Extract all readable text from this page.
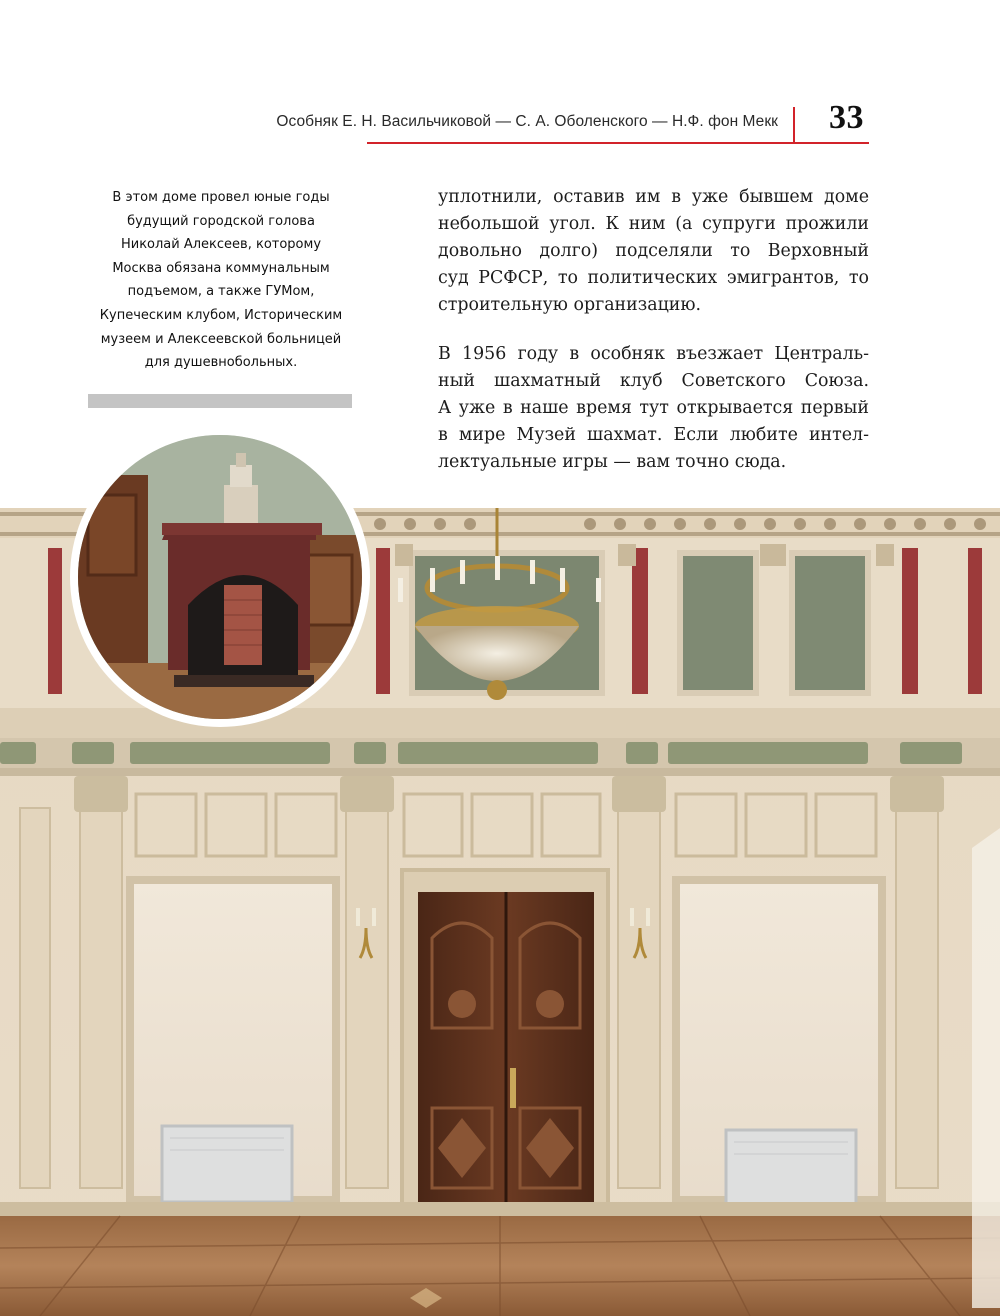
Особняк Е. Н. Васильчиковой — С. А. Оболенского — Н.Ф. фон Мекк 33
В этом доме провел юные годы
будущий городской голова
Николай Алексеев, которому
Москва обязана коммунальным
подъемом, а также ГУМом,
Купеческим клубом, Историческим
музеем и Алексеевской больницей
для душевнобольных.
уплотнили, оставив им в уже бывшем доме
небольшой угол. К ним (а супруги прожили
довольно долго) подселяли то Верховный
суд РСФСР, то политических эмигрантов, то
строительную организацию.
В 1956 году в особняк въезжает Централь-
ный шахматный клуб Советского Союза.
А уже в наше время тут открывается первый
в мире Музей шахмат. Если любите интел-
лектуальные игры — вам точно сюда.
